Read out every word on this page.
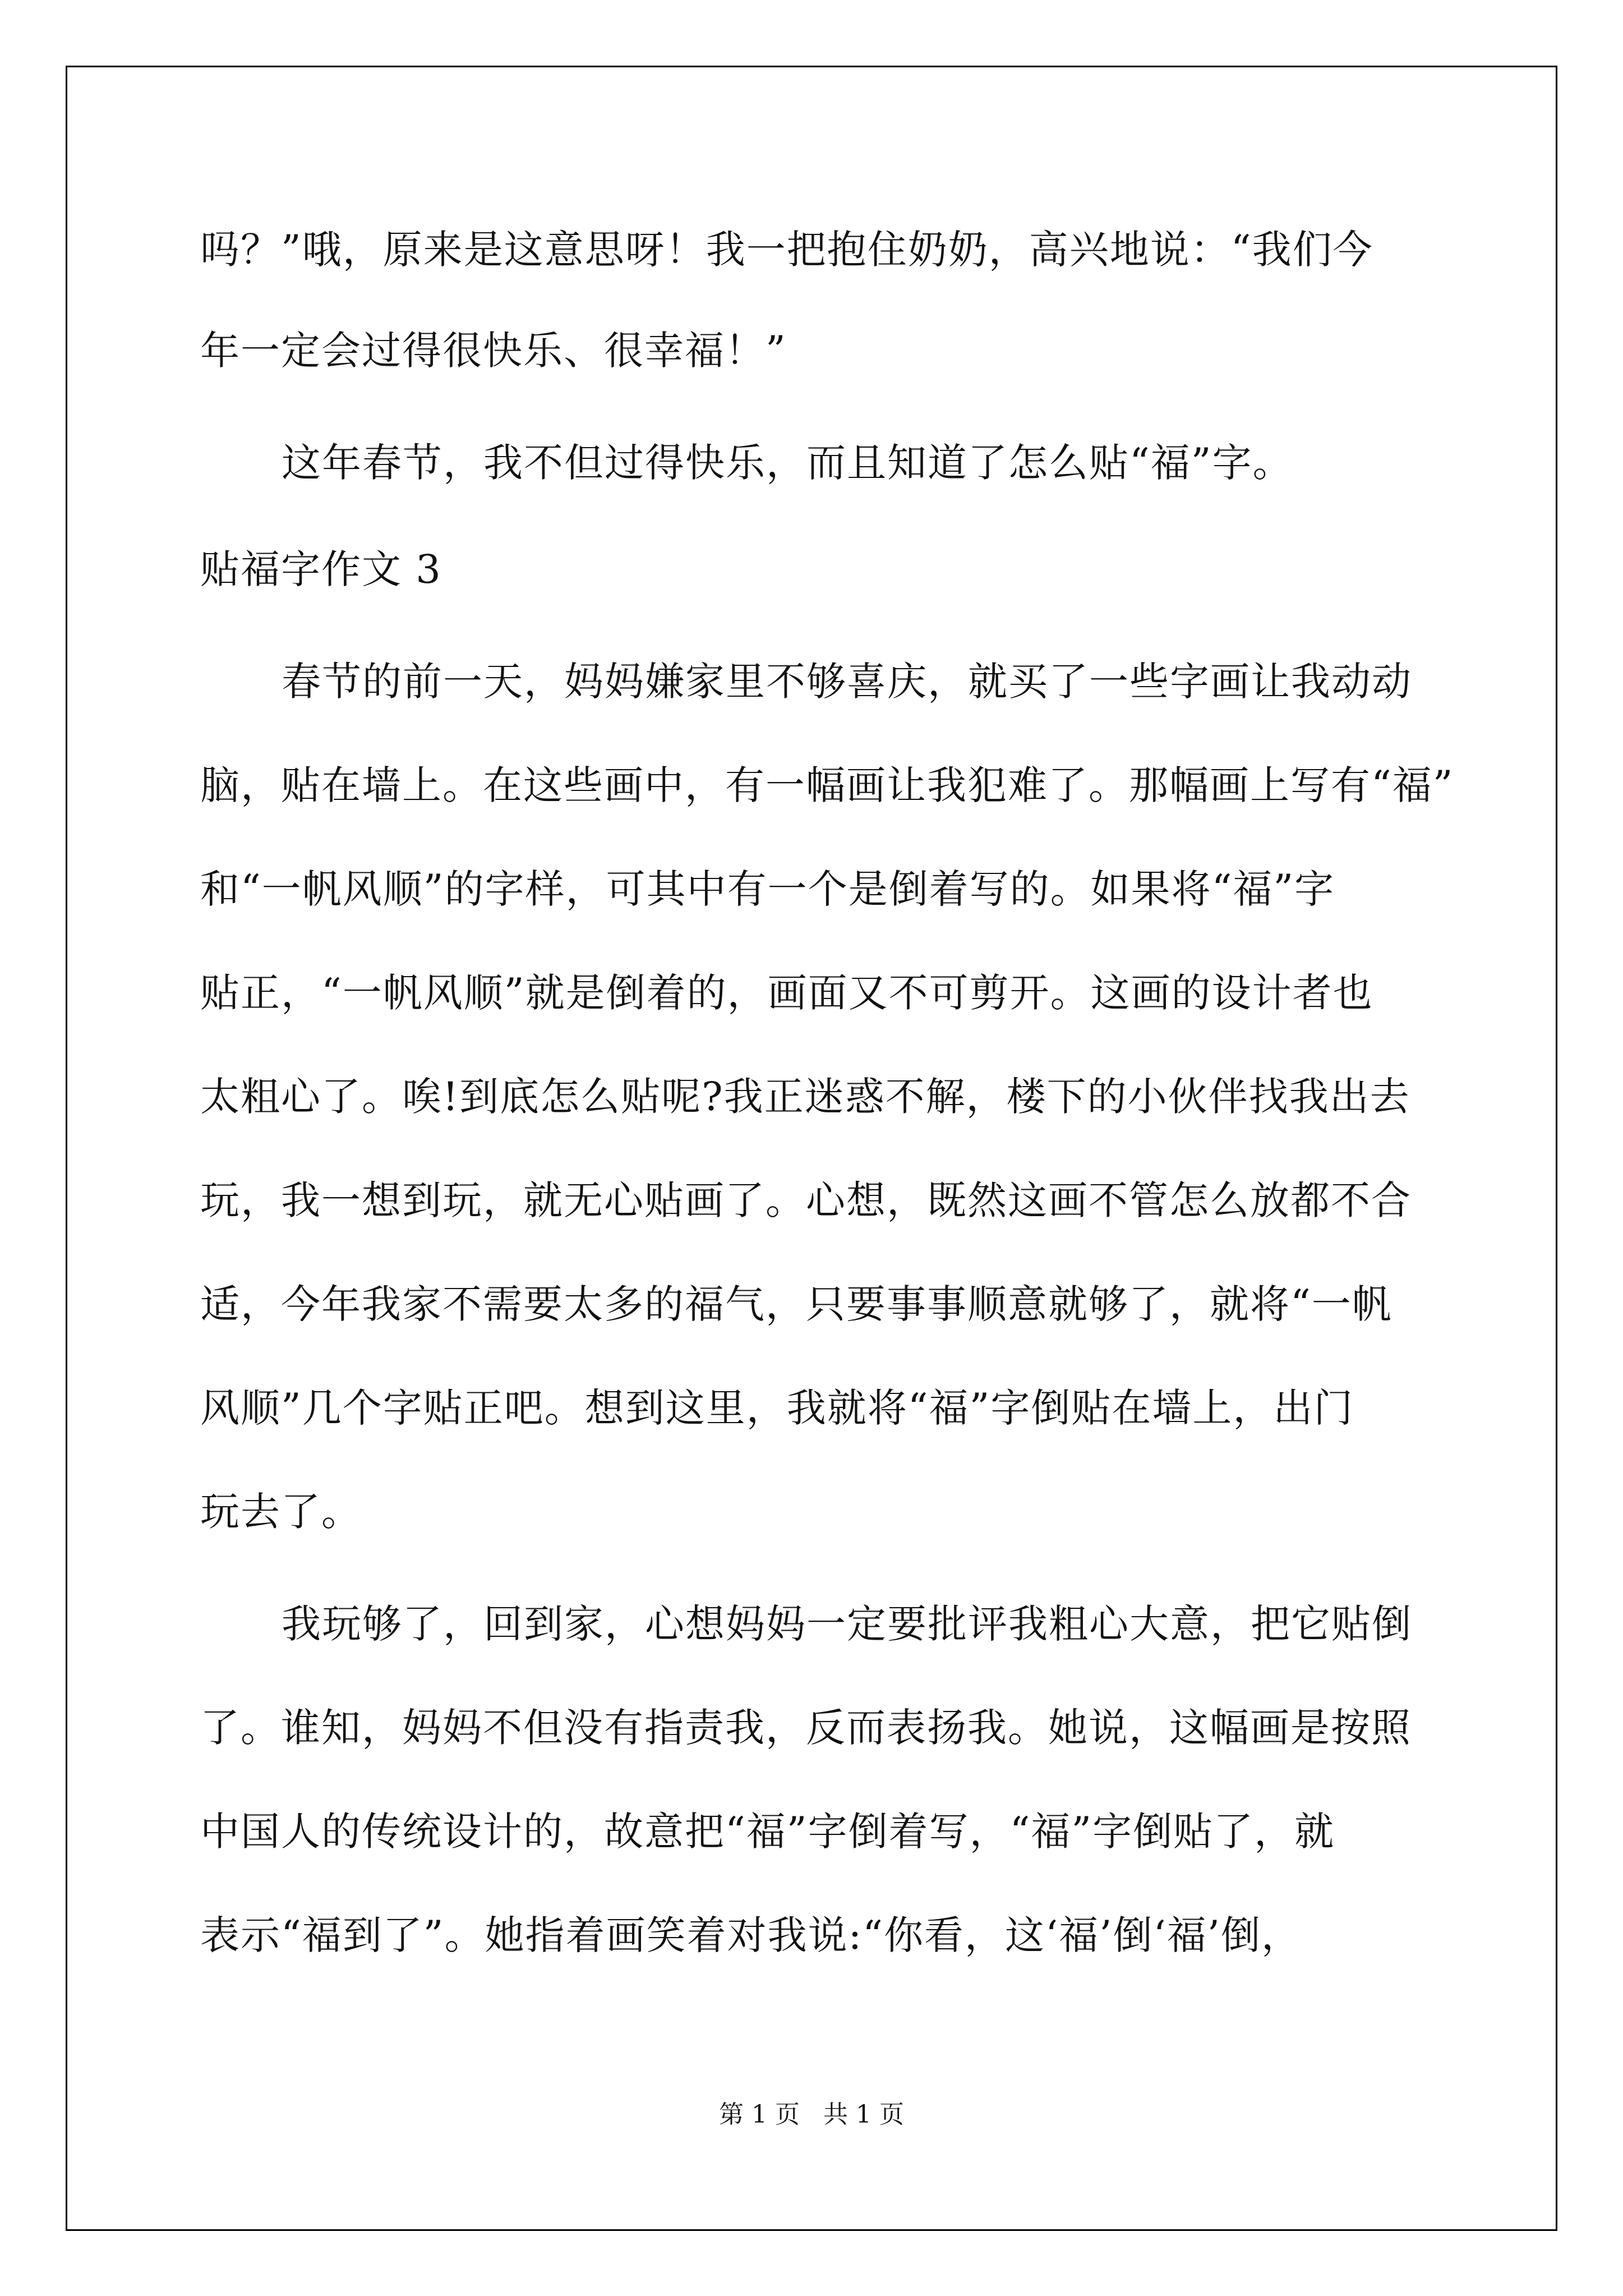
吗？”哦，原来是这意思呀！我一把抱住奶奶，高兴地说：“我们今
年一定会过得很快乐、很幸福！”
这年春节，我不但过得快乐，而且知道了怎么贴“福”字。
贴福字作文 3
春节的前一天，妈妈嫌家里不够喜庆，就买了一些字画让我动动
脑，贴在墙上。在这些画中，有一幅画让我犯难了。那幅画上写有“福”
和“一帆风顺”的字样，可其中有一个是倒着写的。如果将“福”字
贴正，“一帆风顺”就是倒着的，画面又不可剪开。这画的设计者也
太粗心了。唉!到底怎么贴呢?我正迷惑不解，楼下的小伙伴找我出去
玩，我一想到玩，就无心贴画了。心想，既然这画不管怎么放都不合
适，今年我家不需要太多的福气，只要事事顺意就够了，就将“一帆
风顺”几个字贴正吧。想到这里，我就将“福”字倒贴在墙上，出门
玩去了。
我玩够了，回到家，心想妈妈一定要批评我粗心大意，把它贴倒
了。谁知，妈妈不但没有指责我，反而表扬我。她说，这幅画是按照
中国人的传统设计的，故意把“福”字倒着写，“福”字倒贴了，就
表示“福到了”。她指着画笑着对我说:“你看，这‘福’倒‘福’倒，
第 1 页   共 1 页
